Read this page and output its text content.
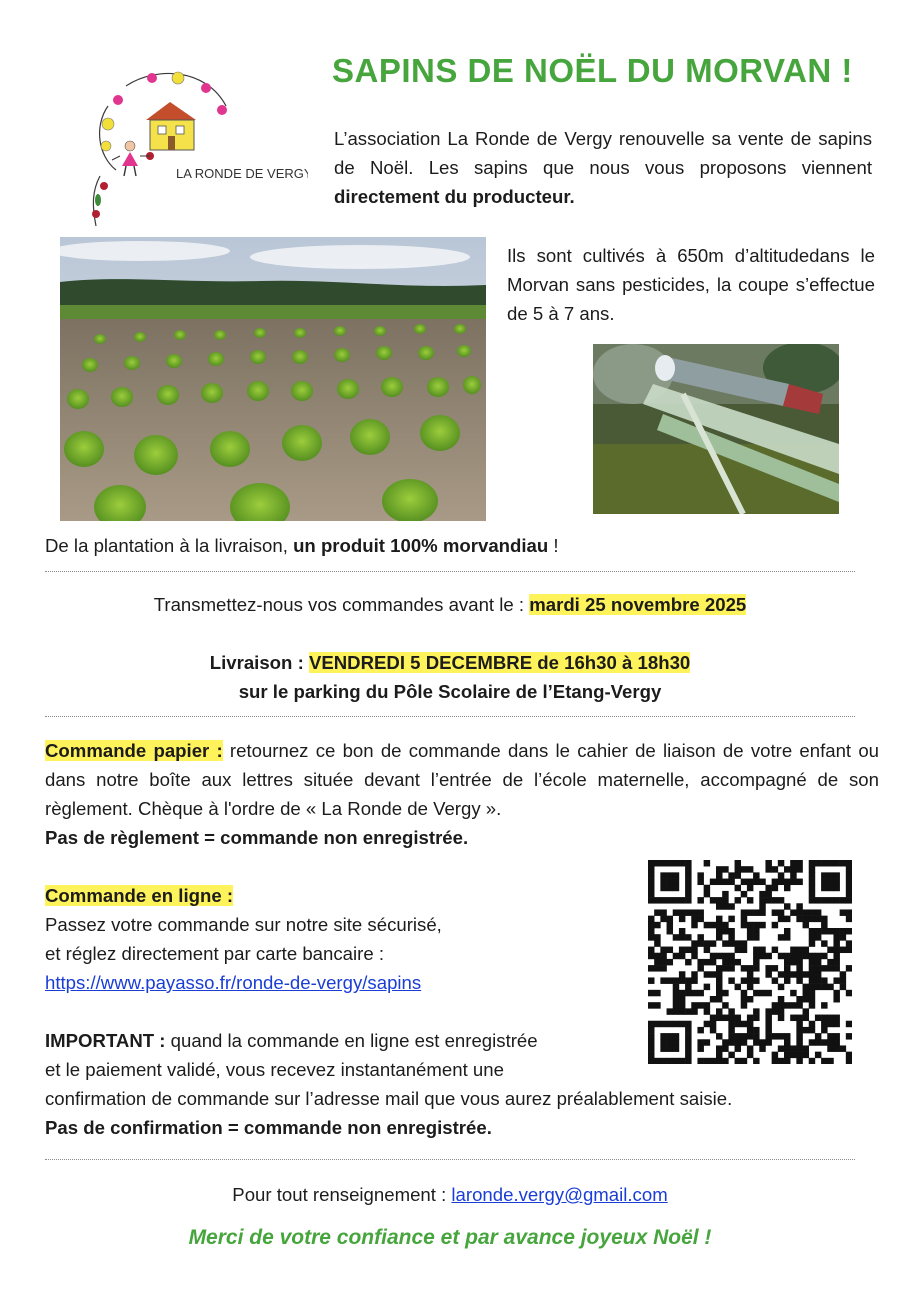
LA RONDE DE VERGY
SAPINS DE NOËL DU MORVAN !
L’association La Ronde de Vergy renouvelle sa vente de sapins de Noël. Les sapins que nous vous proposons viennent directement du producteur.
Ils sont cultivés à 650m d’altitudedans le Morvan sans pesticides, la coupe s’effectue de 5 à 7 ans.
De la plantation à la livraison, un produit 100% morvandiau !
Transmettez-nous vos commandes avant le : mardi 25 novembre 2025
Livraison : VENDREDI 5 DECEMBRE de 16h30 à 18h30
sur le parking du Pôle Scolaire de l’Etang-Vergy
Commande papier : retournez ce bon de commande dans le cahier de liaison de votre enfant ou dans notre boîte aux lettres située devant l’entrée de l’école maternelle, accompagné de son règlement. Chèque à l'ordre de « La Ronde de Vergy ».
Pas de règlement = commande non enregistrée.
Commande en ligne :
Passez votre commande sur notre site sécurisé,
et réglez directement par carte bancaire :
https://www.payasso.fr/ronde-de-vergy/sapins
IMPORTANT : quand la commande en ligne est enregistrée
et le paiement validé, vous recevez instantanément une
confirmation de commande sur l’adresse mail que vous aurez préalablement saisie.
Pas de confirmation = commande non enregistrée.
Pour tout renseignement : laronde.vergy@gmail.com
Merci de votre confiance et par avance joyeux Noël !
